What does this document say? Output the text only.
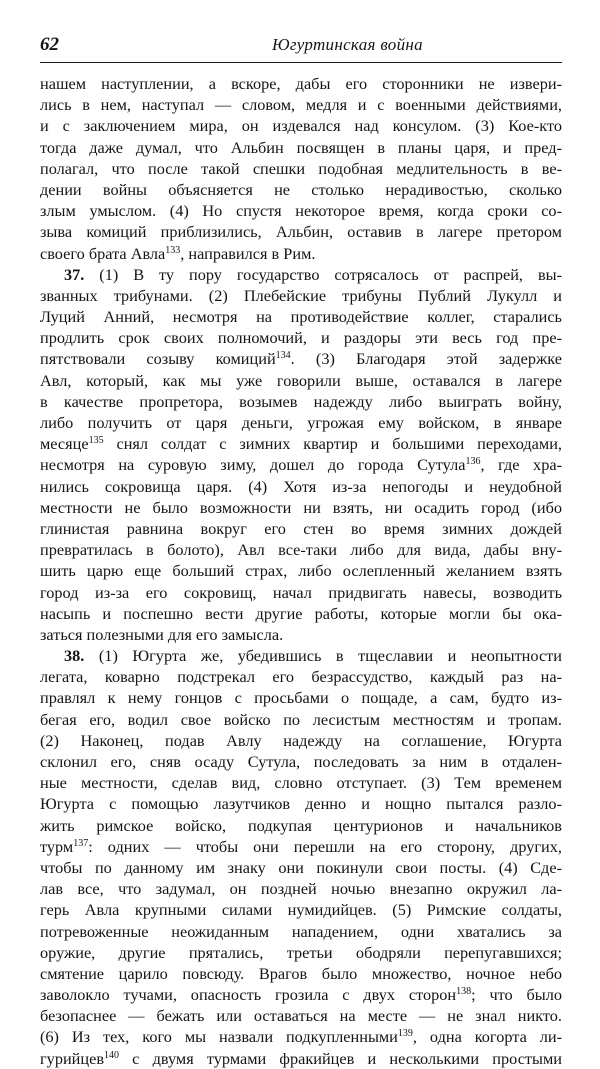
62	Югуртинская война
нашем наступлении, а вскоре, дабы его сторонники не извери-
лись в нем, наступал — словом, медля и с военными действиями,
и с заключением мира, он издевался над консулом. (3) Кое-кто
тогда даже думал, что Альбин посвящен в планы царя, и пред-
полагал, что после такой спешки подобная медлительность в ве-
дении войны объясняется не столько нерадивостью, сколько
злым умыслом. (4) Но спустя некоторое время, когда сроки со-
зыва комиций приблизились, Альбин, оставив в лагере претором
своего брата Авла$^{133}$, направился в Рим.
37. (1) В ту пору государство сотрясалось от распрей, вы-
званных трибунами. (2) Плебейские трибуны Публий Лукулл и
Луций Анний, несмотря на противодействие коллег, старались
продлить срок своих полномочий, и раздоры эти весь год пре-
пятствовали созыву комиций$^{134}$. (3) Благодаря этой задержке
Авл, который, как мы уже говорили выше, оставался в лагере
в качестве пропретора, возымев надежду либо выиграть войну,
либо получить от царя деньги, угрожая ему войском, в январе
месяце$^{135}$ снял солдат с зимних квартир и большими переходами,
несмотря на суровую зиму, дошел до города Сутула$^{136}$, где хра-
нились сокровища царя. (4) Хотя из-за непогоды и неудобной
местности не было возможности ни взять, ни осадить город (ибо
глинистая равнина вокруг его стен во время зимних дождей
превратилась в болото), Авл все-таки либо для вида, дабы вну-
шить царю еще больший страх, либо ослепленный желанием взять
город из-за его сокровищ, начал придвигать навесы, возводить
насыпь и поспешно вести другие работы, которые могли бы ока-
заться полезными для его замысла.
38. (1) Югурта же, убедившись в тщеславии и неопытности
легата, коварно подстрекал его безрассудство, каждый раз на-
правлял к нему гонцов с просьбами о пощаде, а сам, будто из-
бегая его, водил свое войско по лесистым местностям и тропам.
(2) Наконец, подав Авлу надежду на соглашение, Югурта
склонил его, сняв осаду Сутула, последовать за ним в отдален-
ные местности, сделав вид, словно отступает. (3) Тем временем
Югурта с помощью лазутчиков денно и нощно пытался разло-
жить римское войско, подкупая центурионов и начальников
турм$^{137}$: одних — чтобы они перешли на его сторону, других,
чтобы по данному им знаку они покинули свои посты. (4) Сде-
лав все, что задумал, он поздней ночью внезапно окружил ла-
герь Авла крупными силами нумидийцев. (5) Римские солдаты,
потревоженные неожиданным нападением, одни хватались за
оружие, другие прятались, третьи ободряли перепугавшихся;
смятение царило повсюду. Врагов было множество, ночное небо
заволокло тучами, опасность грозила с двух сторон$^{138}$; что было
безопаснее — бежать или оставаться на месте — не знал никто.
(6) Из тех, кого мы назвали подкупленными$^{139}$, одна когорта ли-
гурийцев$^{140}$ с двумя турмами фракийцев и несколькими простыми
